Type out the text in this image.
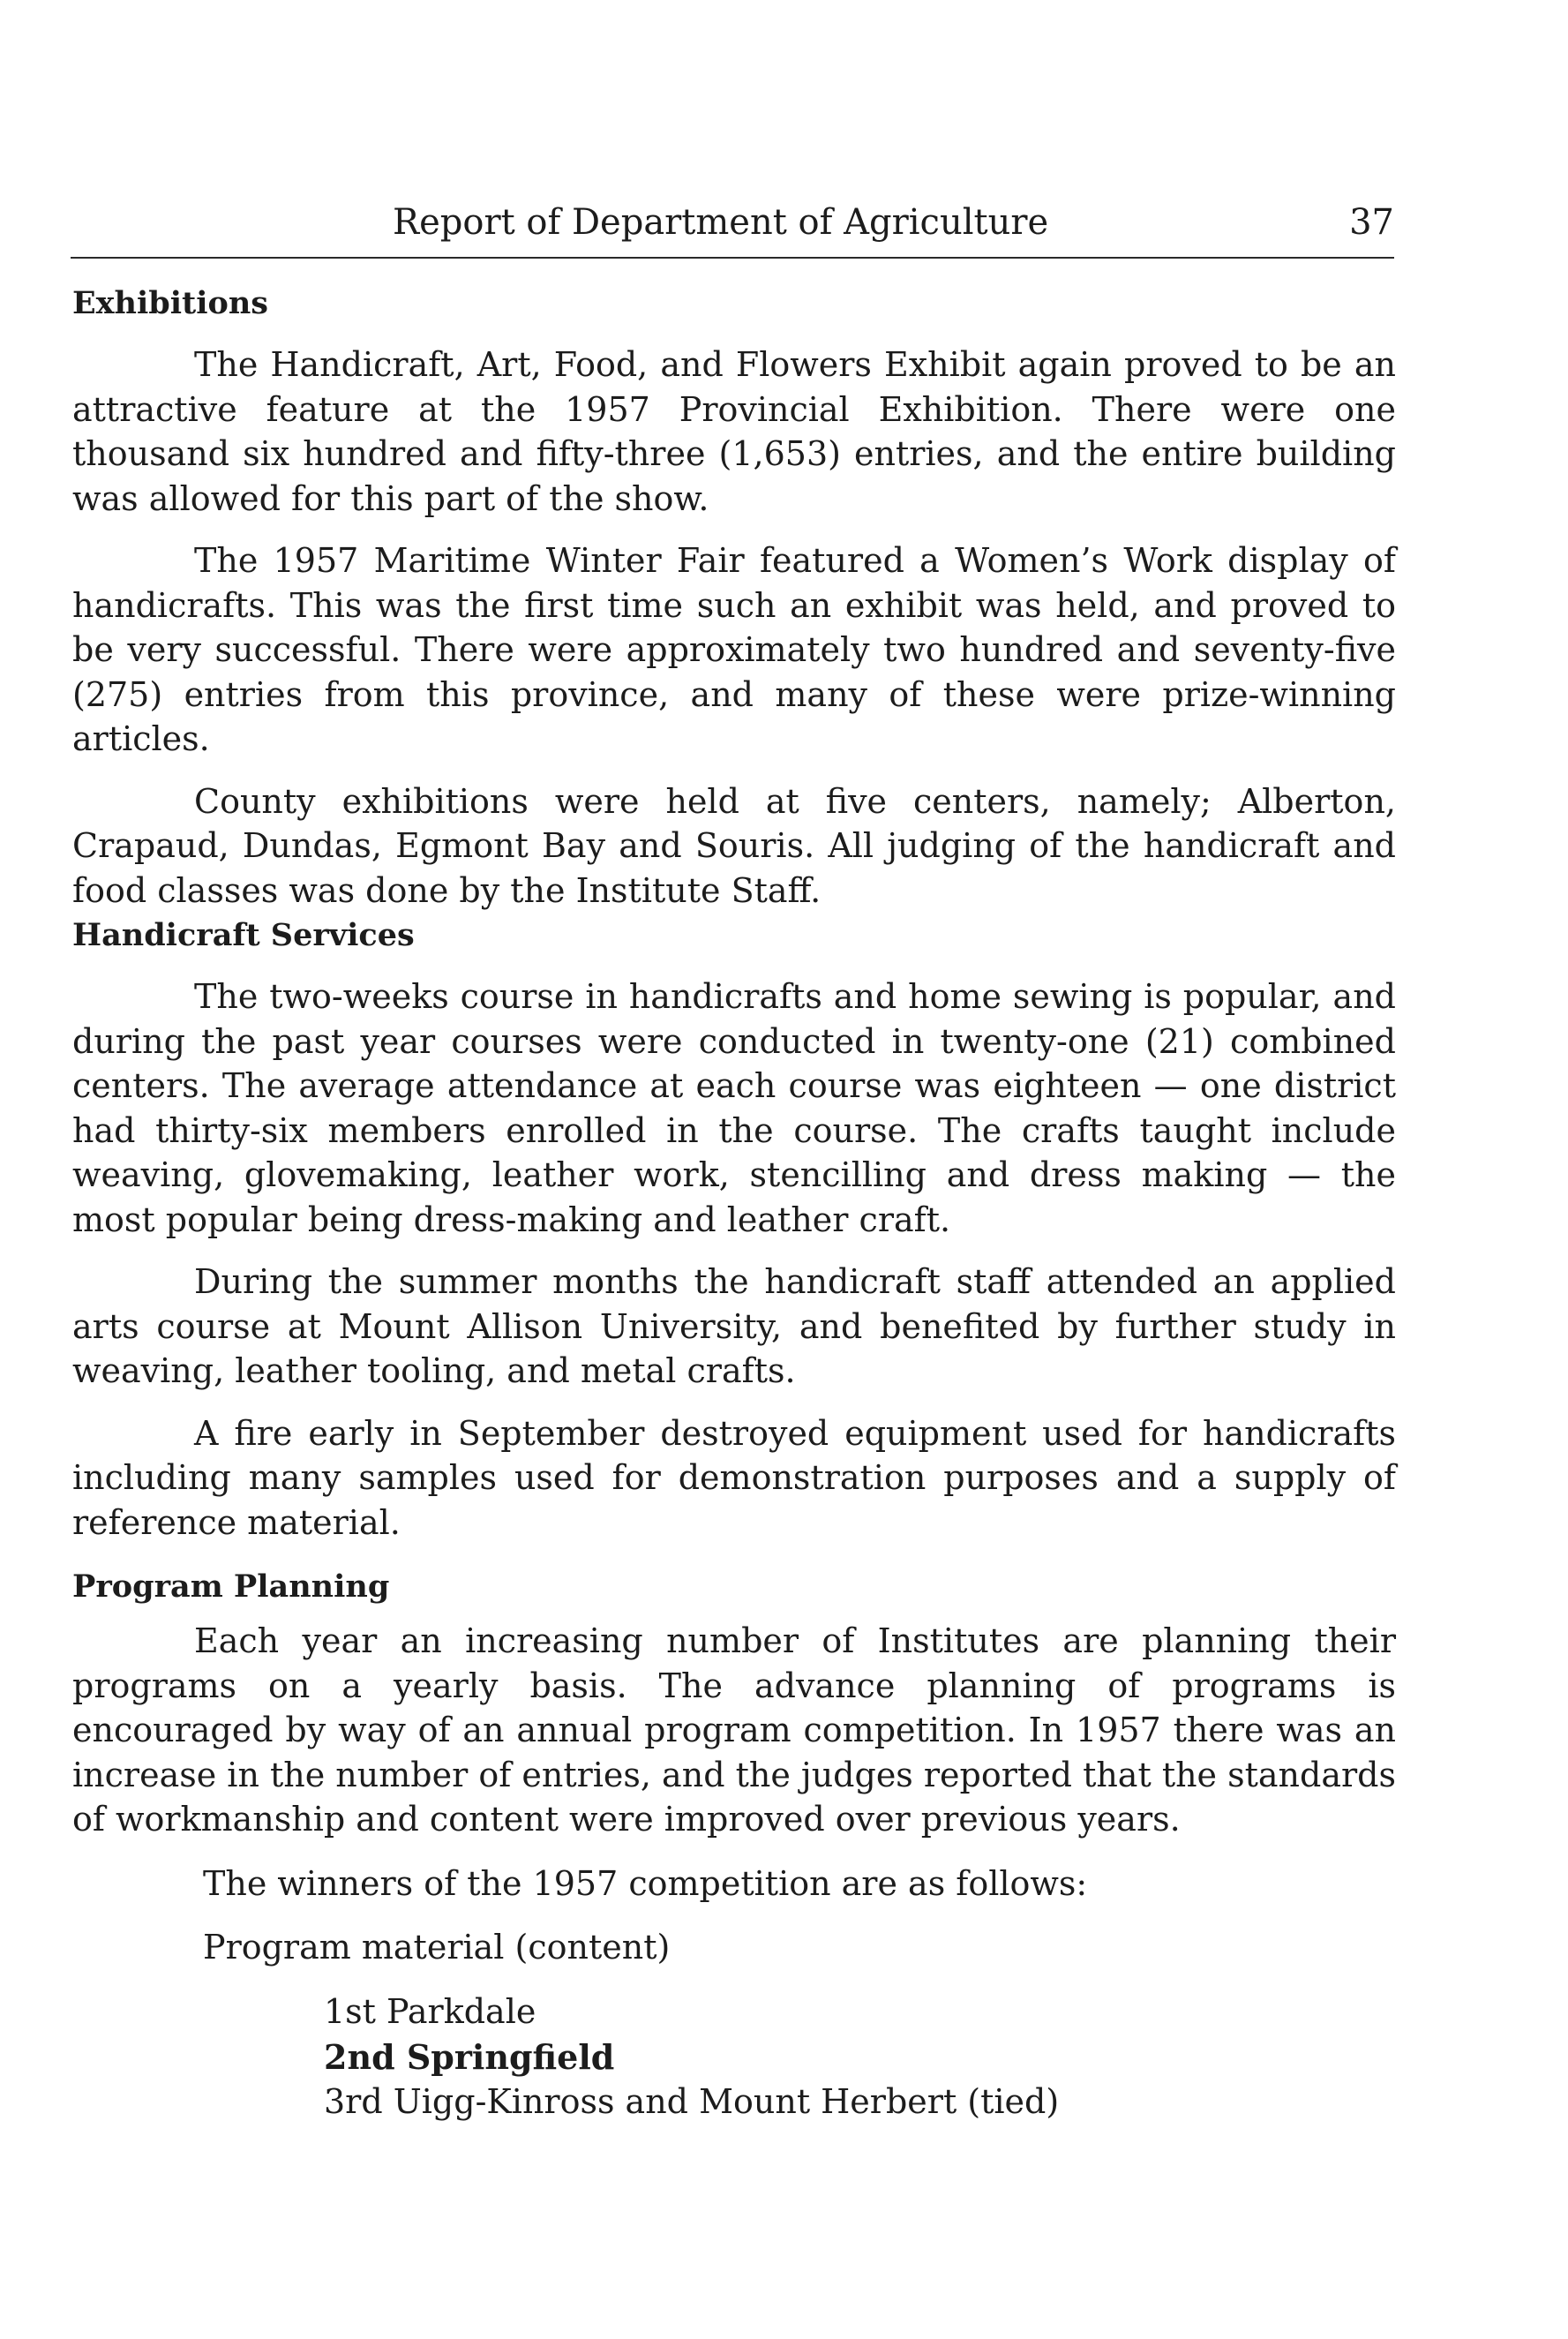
Report of Department of Agriculture	37

Exhibitions

The Handicraft, Art, Food, and Flowers Exhibit again proved to be an attractive feature at the 1957 Provincial Exhibition. There were one thousand six hundred and fifty-three (1,653) entries, and the entire building was allowed for this part of the show.

The 1957 Maritime Winter Fair featured a Women’s Work display of handicrafts. This was the first time such an exhibit was held, and proved to be very successful. There were approximately two hundred and seventy-five (275) entries from this province, and many of these were prize-winning articles.

County exhibitions were held at five centers, namely; Alberton, Crapaud, Dundas, Egmont Bay and Souris. All judging of the handicraft and food classes was done by the Institute Staff.

Handicraft Services

The two-weeks course in handicrafts and home sewing is popular, and during the past year courses were conducted in twenty-one (21) combined centers. The average attendance at each course was eighteen — one district had thirty-six members enrolled in the course. The crafts taught include weaving, glovemaking, leather work, stencilling and dress making — the most popular being dress-making and leather craft.

During the summer months the handicraft staff attended an applied arts course at Mount Allison University, and benefited by further study in weaving, leather tooling, and metal crafts.

A fire early in September destroyed equipment used for handicrafts including many samples used for demonstration purposes and a supply of reference material.

Program Planning

Each year an increasing number of Institutes are planning their programs on a yearly basis. The advance planning of programs is encouraged by way of an annual program competition. In 1957 there was an increase in the number of entries, and the judges reported that the standards of workmanship and content were improved over previous years.

The winners of the 1957 competition are as follows:

Program material (content)

1st Parkdale
2nd Springfield
3rd Uigg-Kinross and Mount Herbert (tied)
